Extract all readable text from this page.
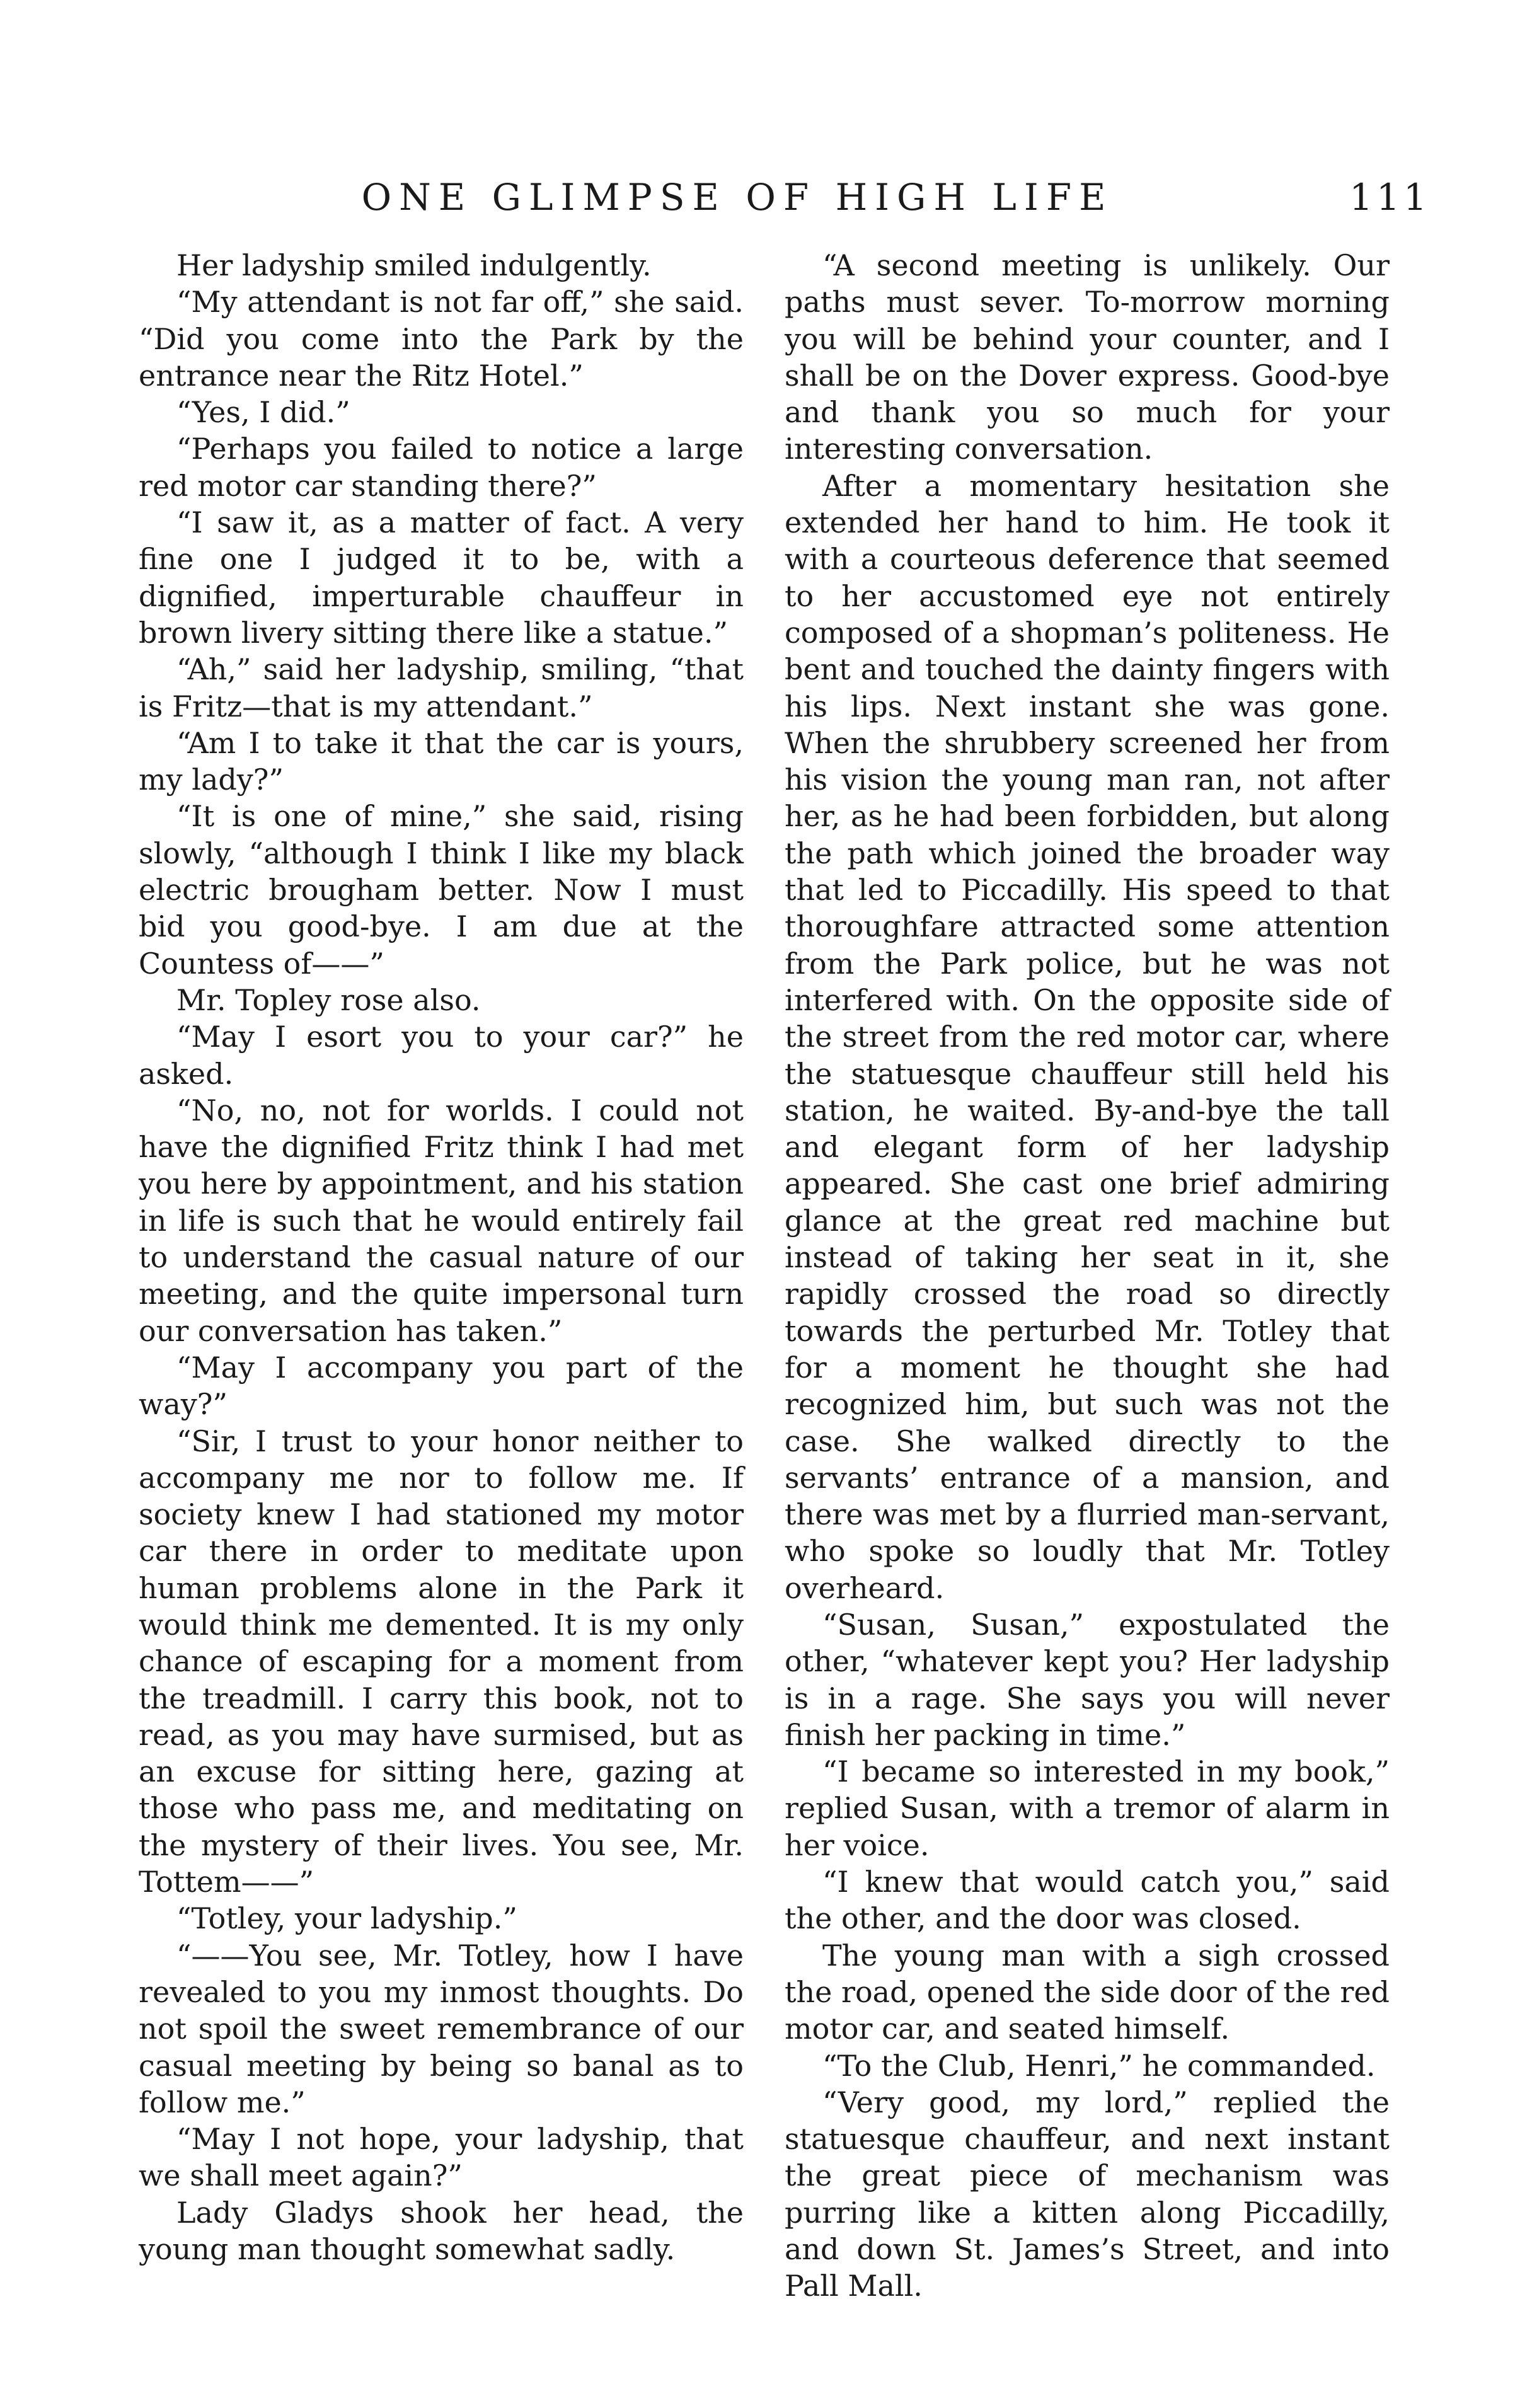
ONE GLIMPSE OF HIGH LIFE	111

Her ladyship smiled indulgently.

“My attendant is not far off,” she said. “Did you come into the Park by the entrance near the Ritz Hotel.”

“Yes, I did.”

“Perhaps you failed to notice a large red motor car standing there?”

“I saw it, as a matter of fact. A very fine one I judged it to be, with a dignified, imperturable chauffeur in brown livery sitting there like a statue.”

“Ah,” said her ladyship, smiling, “that is Fritz—that is my attendant.”

“Am I to take it that the car is yours, my lady?”

“It is one of mine,” she said, rising slowly, “although I think I like my black electric brougham better. Now I must bid you good-bye. I am due at the Countess of——”

Mr. Topley rose also.

“May I esort you to your car?” he asked.

“No, no, not for worlds. I could not have the dignified Fritz think I had met you here by appointment, and his station in life is such that he would entirely fail to understand the casual nature of our meeting, and the quite impersonal turn our conversation has taken.”

“May I accompany you part of the way?”

“Sir, I trust to your honor neither to accompany me nor to follow me. If society knew I had stationed my motor car there in order to meditate upon human problems alone in the Park it would think me demented. It is my only chance of escaping for a moment from the treadmill. I carry this book, not to read, as you may have surmised, but as an excuse for sitting here, gazing at those who pass me, and meditating on the mystery of their lives. You see, Mr. Tottem——”

“Totley, your ladyship.”

“——You see, Mr. Totley, how I have revealed to you my inmost thoughts. Do not spoil the sweet remembrance of our casual meeting by being so banal as to follow me.”

“May I not hope, your ladyship, that we shall meet again?”

Lady Gladys shook her head, the young man thought somewhat sadly.

“A second meeting is unlikely. Our paths must sever. To-morrow morning you will be behind your counter, and I shall be on the Dover express. Good-bye and thank you so much for your interesting conversation.

After a momentary hesitation she extended her hand to him. He took it with a courteous deference that seemed to her accustomed eye not entirely composed of a shopman’s politeness. He bent and touched the dainty fingers with his lips. Next instant she was gone. When the shrubbery screened her from his vision the young man ran, not after her, as he had been forbidden, but along the path which joined the broader way that led to Piccadilly. His speed to that thoroughfare attracted some attention from the Park police, but he was not interfered with. On the opposite side of the street from the red motor car, where the statuesque chauffeur still held his station, he waited. By-and-bye the tall and elegant form of her ladyship appeared. She cast one brief admiring glance at the great red machine but instead of taking her seat in it, she rapidly crossed the road so directly towards the perturbed Mr. Totley that for a moment he thought she had recognized him, but such was not the case. She walked directly to the servants’ entrance of a mansion, and there was met by a flurried man-servant, who spoke so loudly that Mr. Totley overheard.

“Susan, Susan,” expostulated the other, “whatever kept you? Her ladyship is in a rage. She says you will never finish her packing in time.”

“I became so interested in my book,” replied Susan, with a tremor of alarm in her voice.

“I knew that would catch you,” said the other, and the door was closed.

The young man with a sigh crossed the road, opened the side door of the red motor car, and seated himself.

“To the Club, Henri,” he commanded.

“Very good, my lord,” replied the statuesque chauffeur, and next instant the great piece of mechanism was purring like a kitten along Piccadilly, and down St. James’s Street, and into Pall Mall.
